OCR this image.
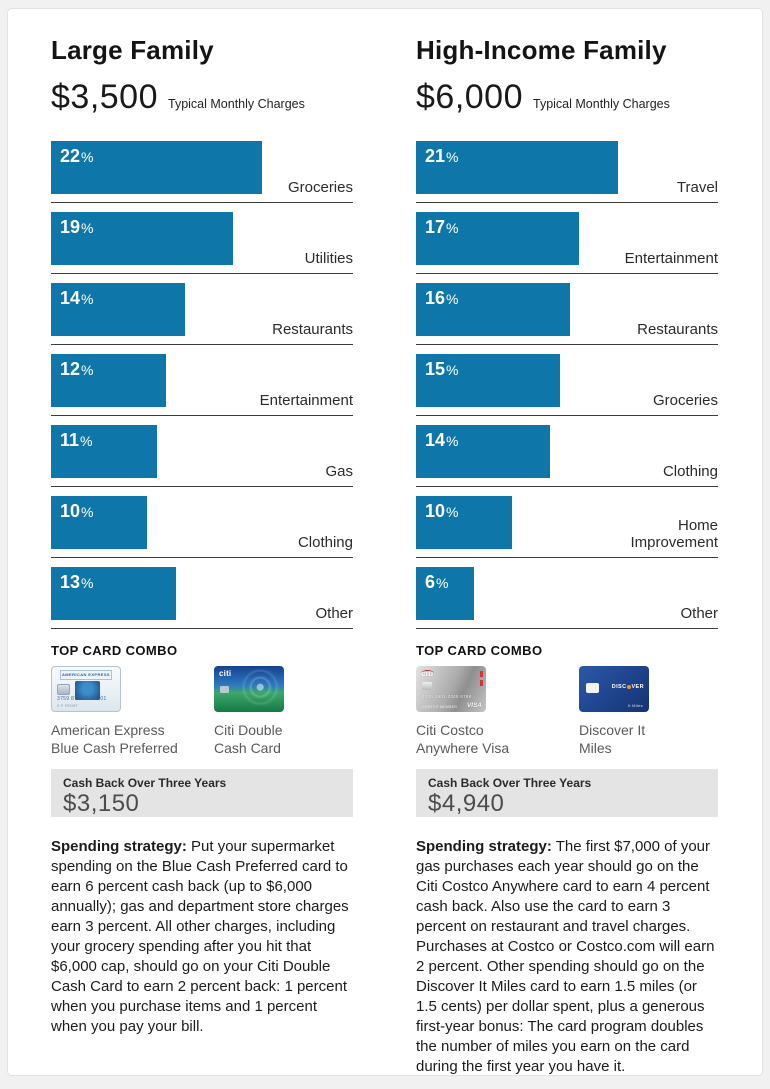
Large Family
$3,500 Typical Monthly Charges
22%
Groceries
19%
Utilities
14%
Restaurants
12%
Entertainment
11%
Gas
10%
Clothing
13%
Other
TOP CARD COMBO
AMERICAN EXPRESS
3759 876543 21001
C F FROST
American Express
Blue Cash Preferred
citi
Citi Double
Cash Card
Cash Back Over Three Years
$3,150

Spending strategy: Put your supermarket spending on the Blue Cash Preferred card to earn 6 percent cash back (up to $6,000 annually); gas and department store charges earn 3 percent. All other charges, including your grocery spending after you hit that $6,000 cap, should go on your Citi Double Cash Card to earn 2 percent back: 1 percent when you purchase items and 1 percent when you pay your bill.

High-Income Family
$6,000 Typical Monthly Charges
21%
Travel
17%
Entertainment
16%
Restaurants
15%
Groceries
14%
Clothing
10%
Home Improvement
6%
Other
TOP CARD COMBO
citi
4005 3901 2345 6789
COSTCO MEMBER VISA
Citi Costco
Anywhere Visa
DISC VER
it Miles
Discover It
Miles
Cash Back Over Three Years
$4,940

Spending strategy: The first $7,000 of your gas purchases each year should go on the Citi Costco Anywhere card to earn 4 percent cash back. Also use the card to earn 3 percent on restaurant and travel charges. Purchases at Costco or Costco.com will earn 2 percent. Other spending should go on the Discover It Miles card to earn 1.5 miles (or 1.5 cents) per dollar spent, plus a generous first-year bonus: The card program doubles the number of miles you earn on the card during the first year you have it.
